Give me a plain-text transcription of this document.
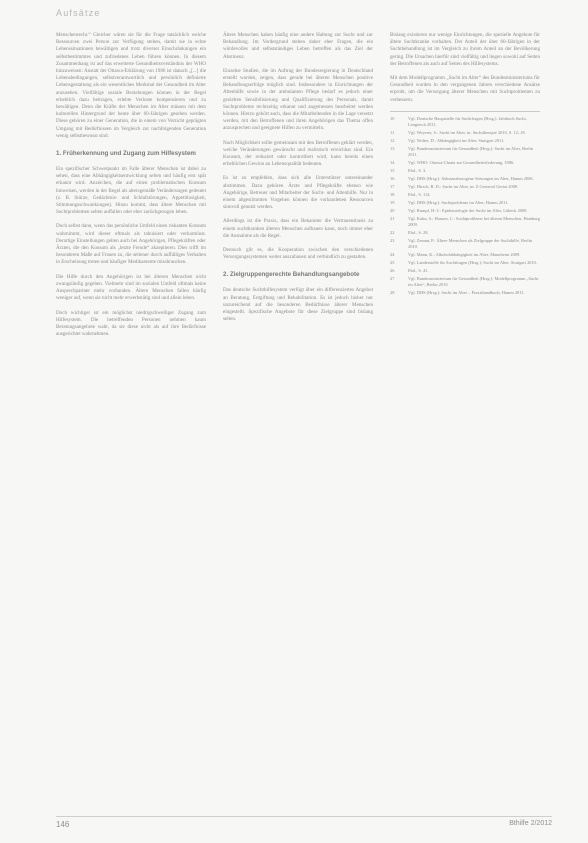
Aufsätze

Menschenrecht.“ Gleicher wären sie für die Frage tatsächlich welche Ressourcen zwei Person zur Verfügung stehen, damit sie in echte Lebenssituationen bewältigen und trotz diverser Einschränkungen ein selbstbestimmtes und zufriedenes Leben führen können. In diesem Zusammenhang ist auf das erweiterte Gesundheitsverständnis der WHO hinzuweisen: Anstatt der Ottawa-Erklärung von 1986 ist danach „[...] die Lebensbedingungen, selbstverantwortlich und persönlich definierte Lebensgestaltung als ein wesentliches Merkmal der Gesundheit im Alter anzusehen. Vielfältige soziale Beziehungen können in der Regel erheblich dazu beitragen, erlebte Verluste kompensieren und zu bewältigen. Denn die Kräfte der Menschen im Alter müssen mit dem kulturellen Hintergrund der heute über 60-Jährigen gesehen werden. Diese gehören zu einer Generation, die in einem von Verzicht geprägten Umgang mit Bedürfnissen im Vergleich zur nachfolgenden Generation wenig selbstbewusst sind.

1. Früherkennung und Zugang zum Hilfesystem

Ein spezifischer Schwerpunkt im Falle älterer Menschen ist dabei zu sehen, dass eine Abhängigkeitsentwicklung selten und häufig erst spät erkannt wird. Anzeichen, die auf einen problematischen Konsum hinweisen, werden in der Regel als altersgemäße Veränderungen gedeutet (z. B. Stürze, Gedächtnis- und Schlafstörungen, Appetitlosigkeit, Stimmungsschwankungen). Hinzu kommt, dass ältere Menschen mit Suchtproblemen selten auffallen oder eher zurückgezogen leben.

Doch selbst dann, wenn das persönliche Umfeld einen riskanten Konsum wahrnimmt, wird dieser oftmals als tabuisiert oder verharmlost. Derartige Einstellungen gelten auch bei Angehörigen, Pflegekräften oder Ärzten, die den Konsum als „letzte Freude“ akzeptieren. Dies trifft im besonderen Maße auf Frauen zu, die seltener durch auffälliges Verhalten in Erscheinung treten und häufiger Medikamente missbrauchen.

Die Hilfe durch den Angehörigen ist bei älteren Menschen nicht zwangsläufig gegeben. Vielmehr sind im sozialen Umfeld oftmals keine Ansprechpartner mehr vorhanden. Ältere Menschen fallen häufig weniger auf, wenn sie nicht mehr erwerbstätig sind und allein leben.

Doch wichtiger ist ein möglichst niedrigschwelliger Zugang zum Hilfesystem. Die betreffenden Personen nehmen kaum Beratungsangebote wahr, da sie diese nicht als auf ihre Bedürfnisse ausgerichtet wahrnehmen.

Ältere Menschen haben häufig eine andere Haltung zur Sucht und zur Behandlung. Im Vordergrund stehen daher eher Fragen, die ein würdevolles und selbstständiges Leben betreffen als das Ziel der Abstinenz.

Einzelne Studien, die im Auftrag der Bundesregierung in Deutschland erstellt wurden, zeigen, dass gerade bei älteren Menschen positive Behandlungserfolge möglich sind. Insbesondere in Einrichtungen der Altenhilfe sowie in der ambulanten Pflege bedarf es jedoch einer gezielten Sensibilisierung und Qualifizierung des Personals, damit Suchtprobleme rechtzeitig erkannt und angemessen bearbeitet werden können. Hierzu gehört auch, dass die Mitarbeitenden in die Lage versetzt werden, mit den Betroffenen und ihren Angehörigen das Thema offen anzusprechen und geeignete Hilfen zu vermitteln.

Nach Möglichkeit sollte gemeinsam mit den Betroffenen geklärt werden, welche Veränderungen gewünscht und realistisch erreichbar sind. Ein Konsum, der reduziert oder kontrolliert wird, kann bereits einen erheblichen Gewinn an Lebensqualität bedeuten.

Es ist zu empfehlen, dass sich alle Unterstützer untereinander abstimmen. Dazu gehören Ärzte und Pflegekräfte ebenso wie Angehörige, Betreuer und Mitarbeiter der Sucht- und Altenhilfe. Nur in einem abgestimmten Vorgehen können die vorhandenen Ressourcen sinnvoll genutzt werden.

Allerdings ist die Praxis, dass ein Bekannter die Vertrauensbasis zu einem suchtkranken älteren Menschen aufbauen kann, noch immer eher die Ausnahme als die Regel.

Dennoch gilt es, die Kooperation zwischen den verschiedenen Versorgungssystemen weiter auszubauen und verbindlich zu gestalten.

2. Zielgruppengerechte Behandlungsangebote

Das deutsche Suchthilfesystem verfügt über ein differenziertes Angebot an Beratung, Entgiftung und Rehabilitation. Es ist jedoch bisher nur unzureichend auf die besonderen Bedürfnisse älterer Menschen eingestellt. Spezifische Angebote für diese Zielgruppe sind bislang selten.

Bislang existieren nur wenige Einrichtungen, die spezielle Angebote für ältere Suchtkranke vorhalten. Der Anteil der über 60-Jährigen in der Suchtbehandlung ist im Vergleich zu ihrem Anteil an der Bevölkerung gering. Die Ursachen hierfür sind vielfältig und liegen sowohl auf Seiten der Betroffenen als auch auf Seiten des Hilfesystems.

Mit dem Modellprogramm „Sucht im Alter“ des Bundesministeriums für Gesundheit wurden in den vergangenen Jahren verschiedene Ansätze erprobt, um die Versorgung älterer Menschen mit Suchtproblemen zu verbessern.

10	Vgl. Deutsche Hauptstelle für Suchtfragen (Hrsg.): Jahrbuch Sucht, Lengerich 2011.
11	Vgl. Weyerer, S.: Sucht im Alter, in: Suchttherapie 2010, S. 12–18.
12	Vgl. Wolter, D.: Abhängigkeit im Alter, Stuttgart 2011.
13	Vgl. Bundesministerium für Gesundheit (Hrsg.): Sucht im Alter, Berlin 2011.
14	Vgl. WHO: Ottawa-Charta zur Gesundheitsförderung, 1986.
15	Ebd., S. 3.
16	Vgl. DHS (Hrsg.): Substanzbezogene Störungen im Alter, Hamm 2006.
17	Vgl. Hirsch, R. D.: Sucht im Alter, in: Z Gerontol Geriat 2008.
18	Ebd., S. 114.
19	Vgl. DHS (Hrsg.): Suchtprobleme im Alter, Hamm 2011.
20	Vgl. Rumpf, H.-J.: Epidemiologie der Sucht im Alter, Lübeck 2009.
21	Vgl. Kuhn, S.; Haasen, C.: Suchtprobleme bei älteren Menschen, Hamburg 2009.
22	Ebd., S. 28.
23	Vgl. Zeman, P.: Ältere Menschen als Zielgruppe der Suchthilfe, Berlin 2010.
24	Vgl. Mann, K.: Alkoholabhängigkeit im Alter, Mannheim 2009.
25	Vgl. Landesstelle für Suchtfragen (Hrsg.): Sucht im Alter, Stuttgart 2010.
26	Ebd., S. 41.
27	Vgl. Bundesministerium für Gesundheit (Hrsg.): Modellprogramm „Sucht im Alter“, Berlin 2010.
28	Vgl. DHS (Hrsg.): Sucht im Alter – Praxishandbuch, Hamm 2011.
146	Bthilfe 2/2012
